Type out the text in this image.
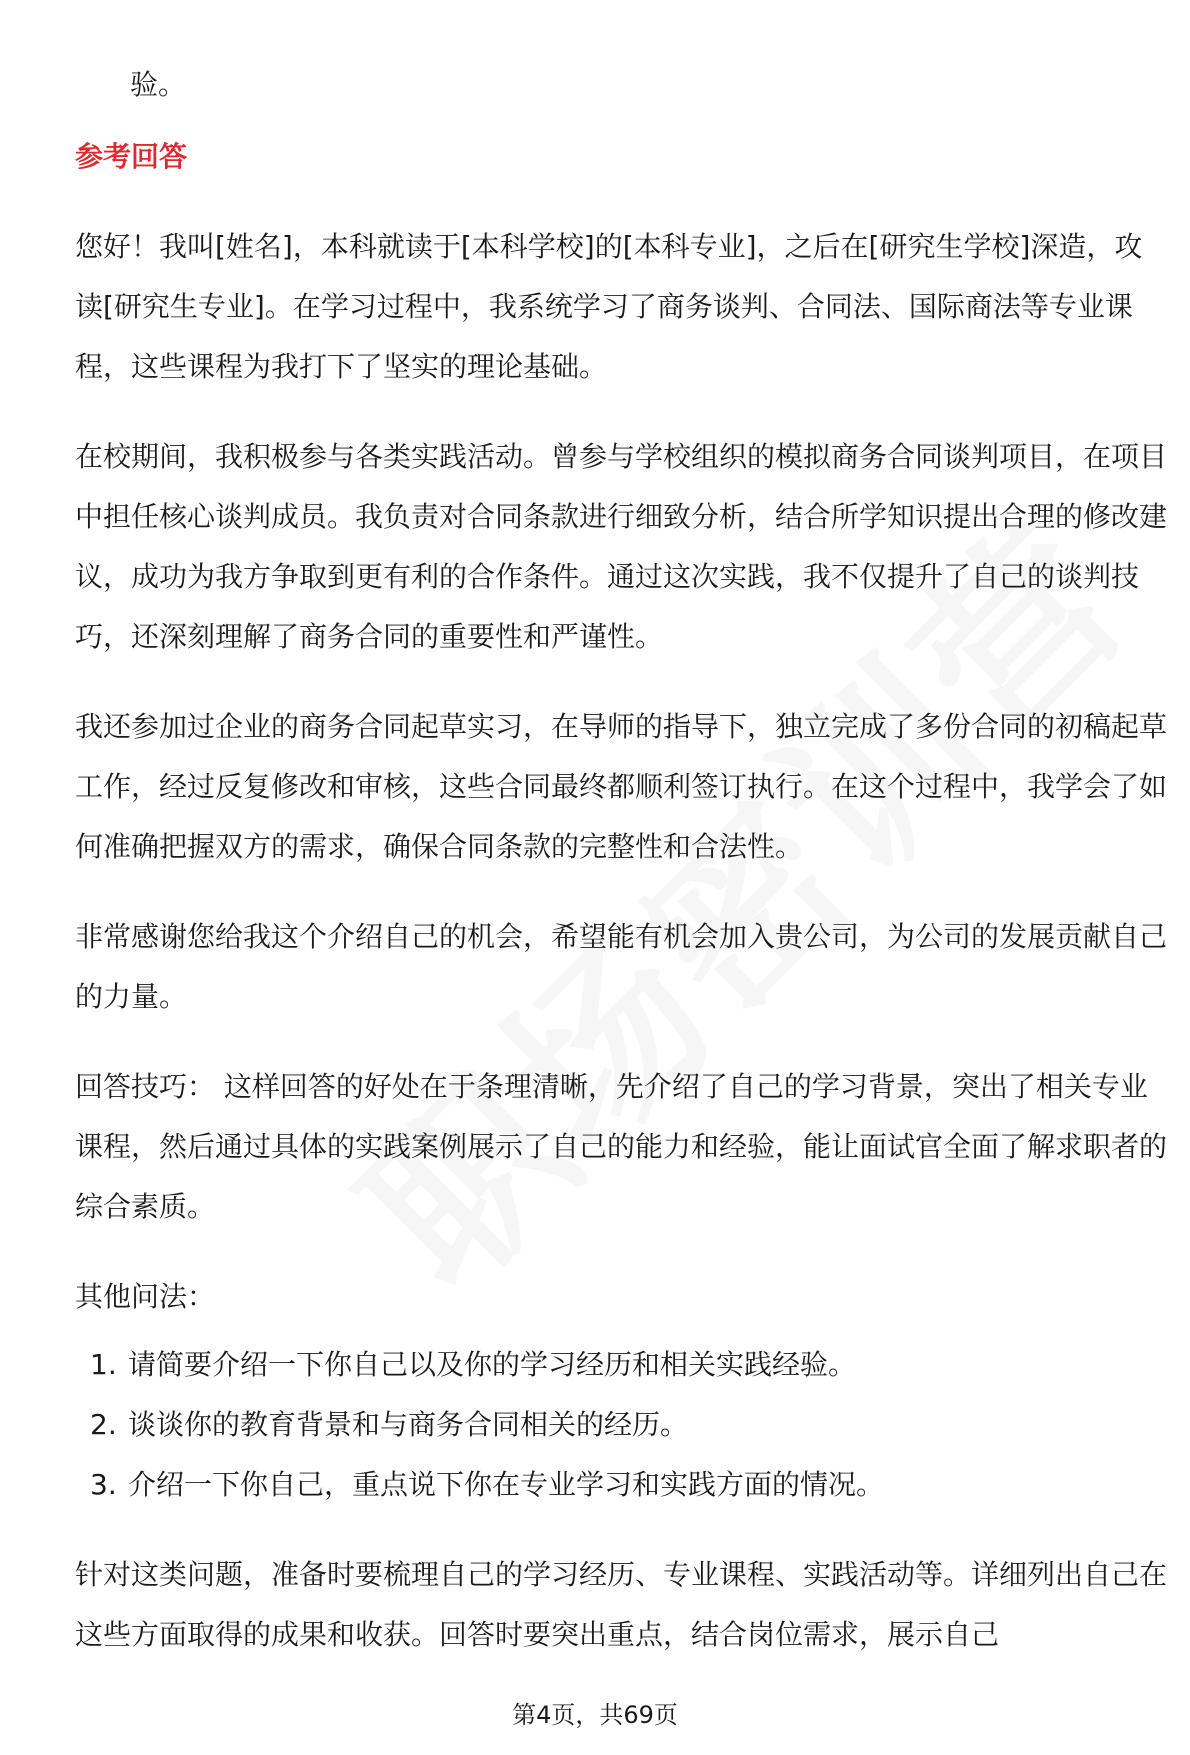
验。

参考回答

您好！我叫[姓名]，本科就读于[本科学校]的[本科专业]，之后在[研究生学校]深造，攻读[研究生专业]。在学习过程中，我系统学习了商务谈判、合同法、国际商法等专业课程，这些课程为我打下了坚实的理论基础。

在校期间，我积极参与各类实践活动。曾参与学校组织的模拟商务合同谈判项目，在项目中担任核心谈判成员。我负责对合同条款进行细致分析，结合所学知识提出合理的修改建议，成功为我方争取到更有利的合作条件。通过这次实践，我不仅提升了自己的谈判技巧，还深刻理解了商务合同的重要性和严谨性。

我还参加过企业的商务合同起草实习，在导师的指导下，独立完成了多份合同的初稿起草工作，经过反复修改和审核，这些合同最终都顺利签订执行。在这个过程中，我学会了如何准确把握双方的需求，确保合同条款的完整性和合法性。

非常感谢您给我这个介绍自己的机会，希望能有机会加入贵公司，为公司的发展贡献自己的力量。

回答技巧： 这样回答的好处在于条理清晰，先介绍了自己的学习背景，突出了相关专业课程，然后通过具体的实践案例展示了自己的能力和经验，能让面试官全面了解求职者的综合素质。

其他问法：

1. 请简要介绍一下你自己以及你的学习经历和相关实践经验。
2. 谈谈你的教育背景和与商务合同相关的经历。
3. 介绍一下你自己，重点说下你在专业学习和实践方面的情况。

针对这类问题，准备时要梳理自己的学习经历、专业课程、实践活动等。详细列出自己在这些方面取得的成果和收获。回答时要突出重点，结合岗位需求，展示自己

第4页，共69页
